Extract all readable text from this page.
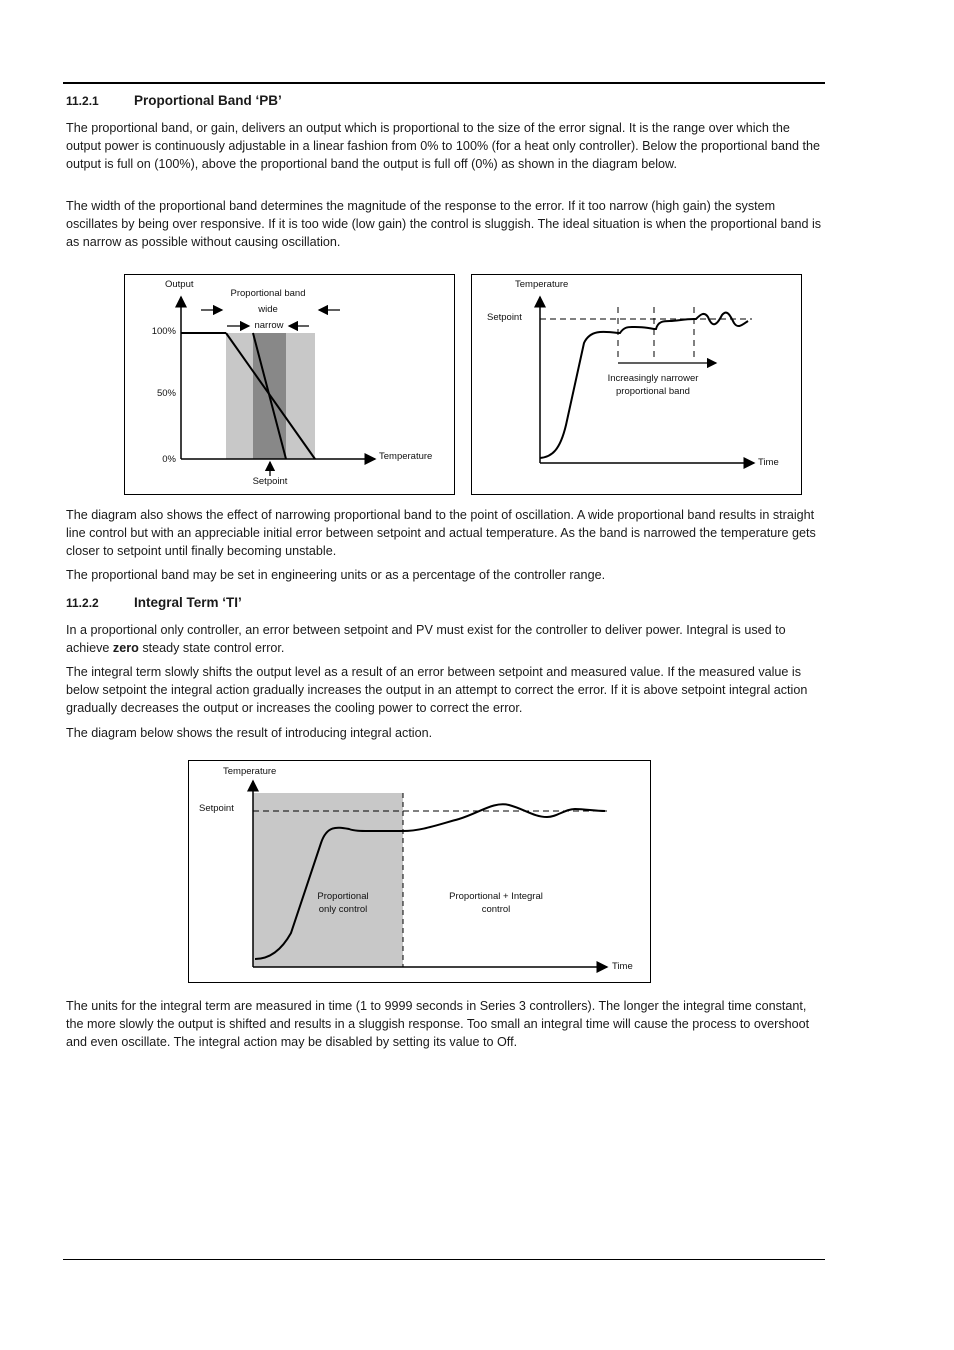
11.2.1	Proportional Band ‘PB’

The proportional band, or gain, delivers an output which is proportional to the size of the error signal. It is the range over which the output power is continuously adjustable in a linear fashion from 0% to 100% (for a heat only controller). Below the proportional band the output is full on (100%), above the proportional band the output is full off (0%) as shown in the diagram below.

The width of the proportional band determines the magnitude of the response to the error. If it too narrow (high gain) the system oscillates by being over responsive. If it is too wide (low gain) the control is sluggish. The ideal situation is when the proportional band is as narrow as possible without causing oscillation.

Output
Proportional band
wide
narrow
100%
50%
0%	Temperature
Setpoint
Temperature
Setpoint
Increasingly narrower
proportional band
Time

The diagram also shows the effect of narrowing proportional band to the point of oscillation. A wide proportional band results in straight line control but with an appreciable initial error between setpoint and actual temperature. As the band is narrowed the temperature gets closer to setpoint until finally becoming unstable.

The proportional band may be set in engineering units or as a percentage of the controller range.

11.2.2	Integral Term ‘TI’

In a proportional only controller, an error between setpoint and PV must exist for the controller to deliver power. Integral is used to achieve zero steady state control error.

The integral term slowly shifts the output level as a result of an error between setpoint and measured value. If the measured value is below setpoint the integral action gradually increases the output in an attempt to correct the error. If it is above setpoint integral action gradually decreases the output or increases the cooling power to correct the error.

The diagram below shows the result of introducing integral action.

Temperature
Setpoint
Proportional
only control
Proportional + Integral
control
Time

The units for the integral term are measured in time (1 to 9999 seconds in Series 3 controllers). The longer the integral time constant, the more slowly the output is shifted and results in a sluggish response. Too small an integral time will cause the process to overshoot and even oscillate. The integral action may be disabled by setting its value to Off.
